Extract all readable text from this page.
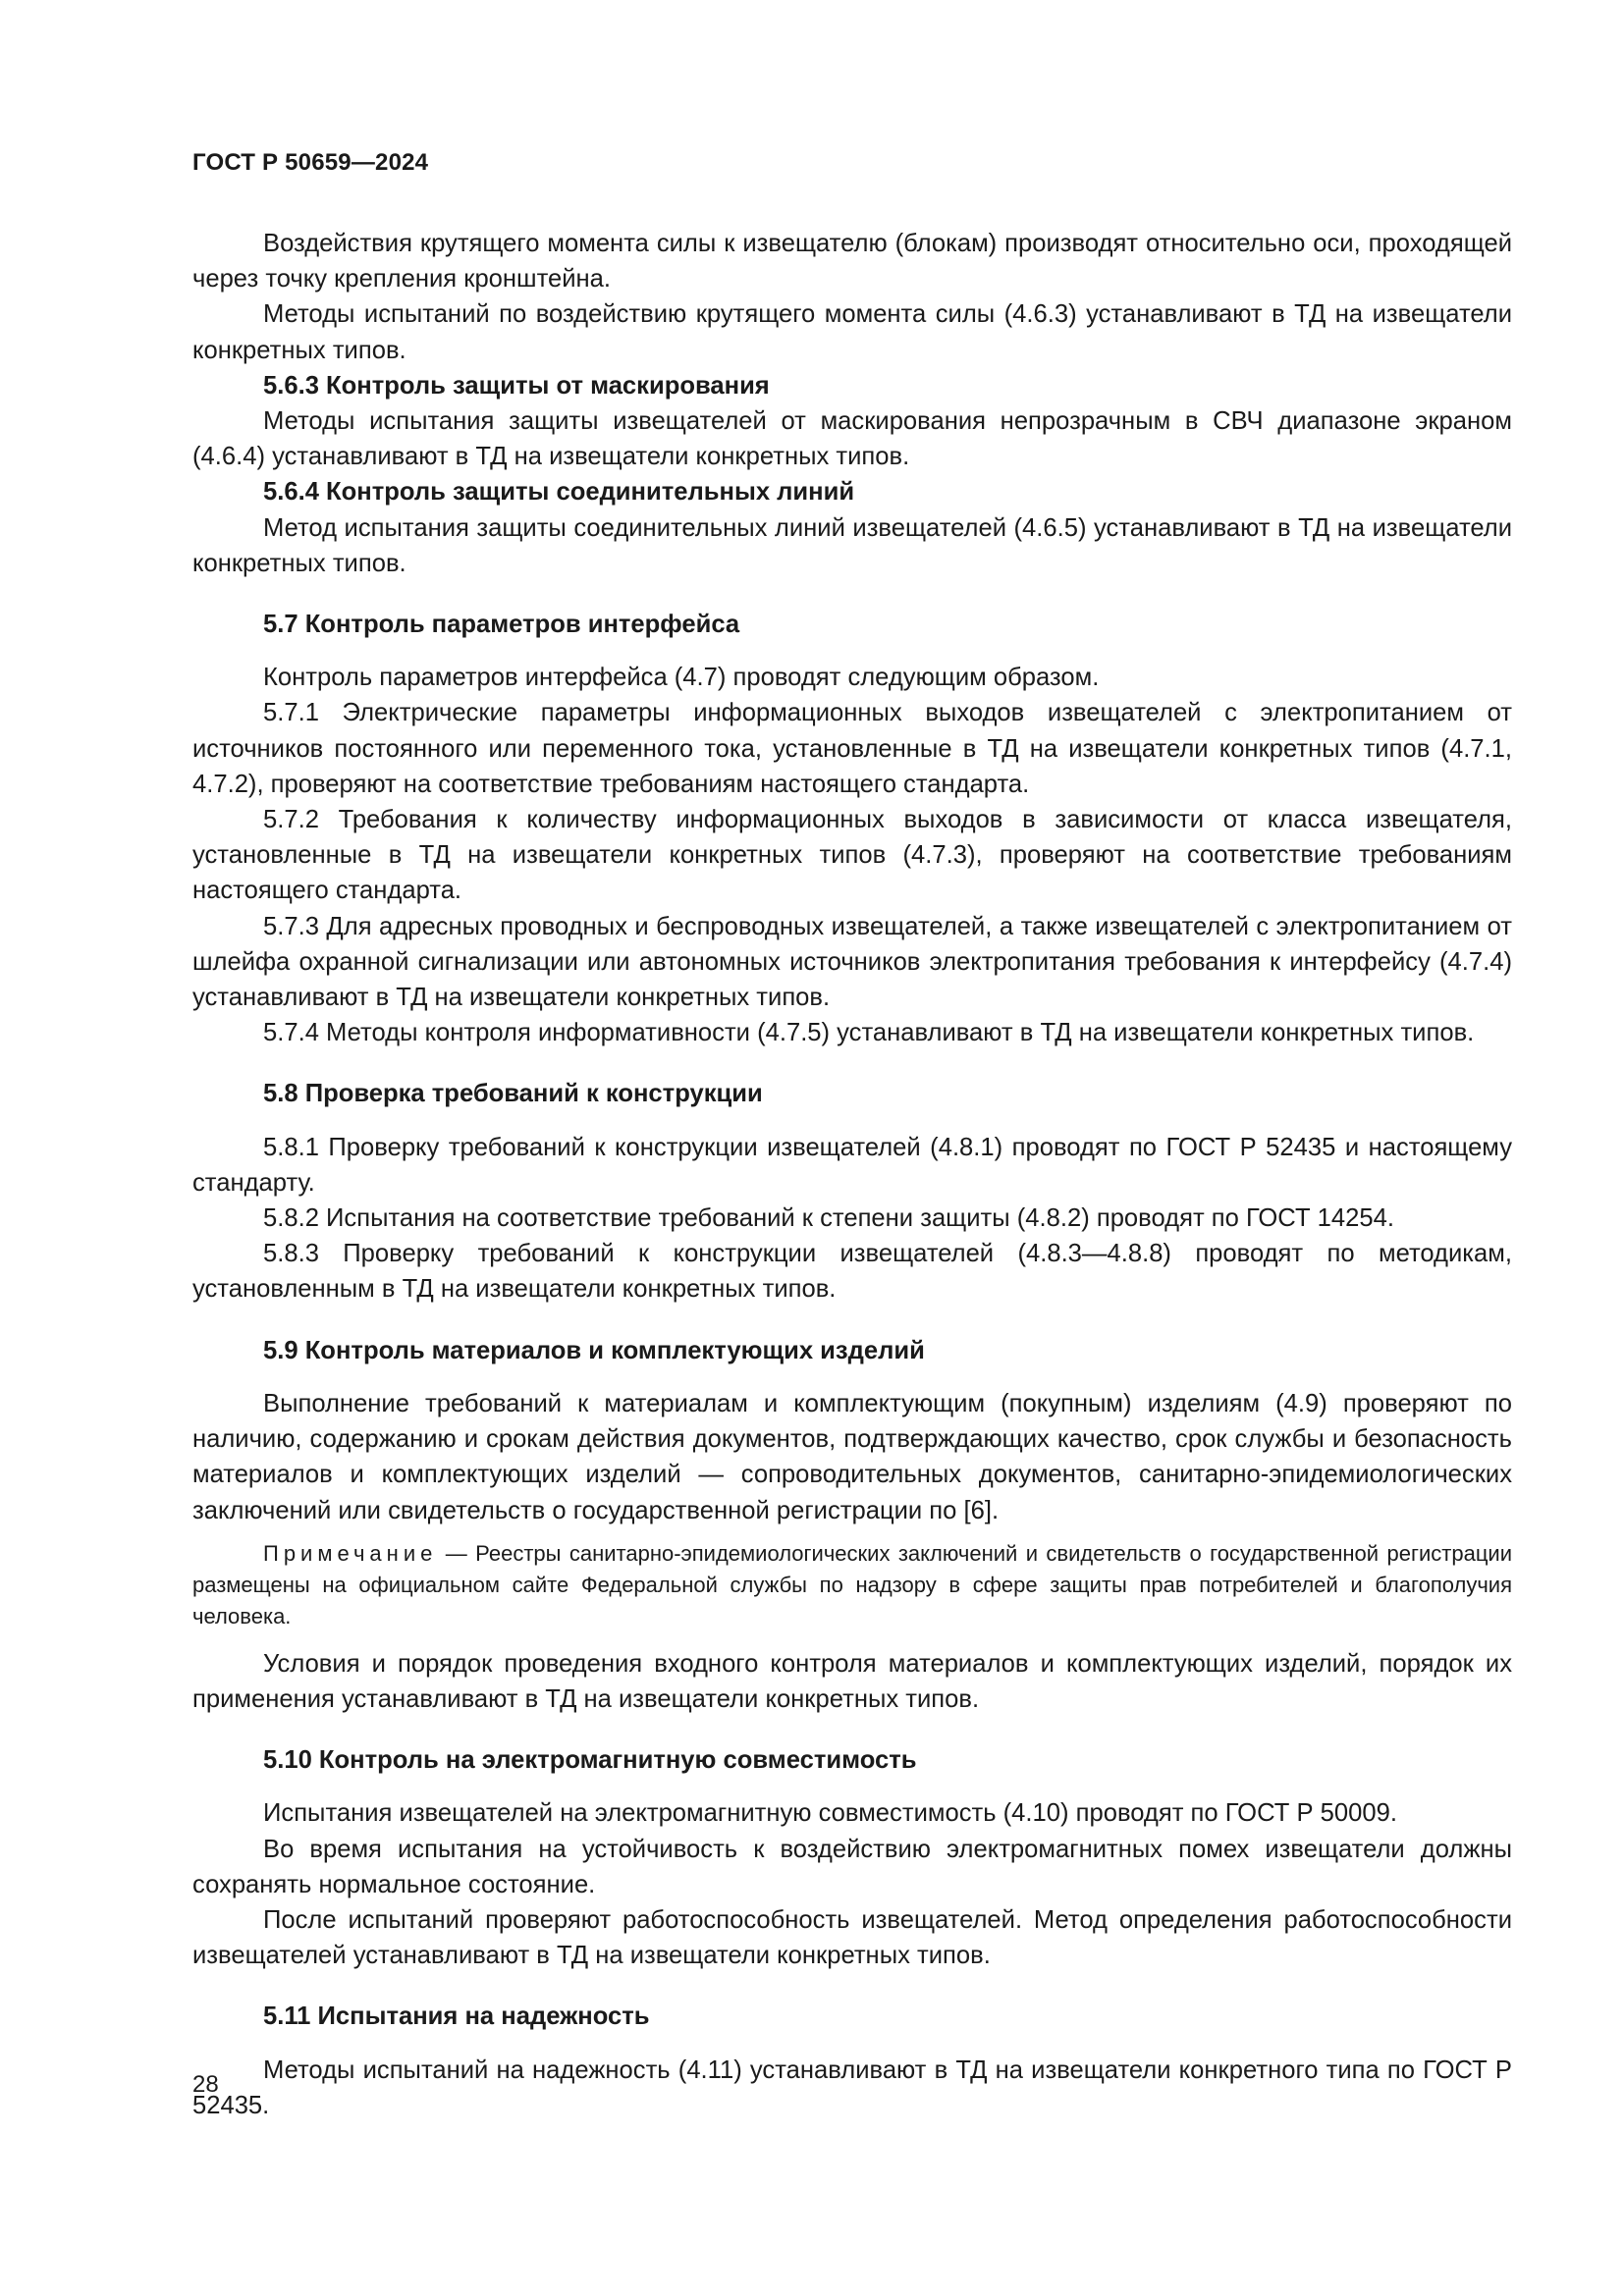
ГОСТ Р 50659—2024

Воздействия крутящего момента силы к извещателю (блокам) производят относительно оси, проходящей через точку крепления кронштейна.

Методы испытаний по воздействию крутящего момента силы (4.6.3) устанавливают в ТД на извещатели конкретных типов.

5.6.3 Контроль защиты от маскирования

Методы испытания защиты извещателей от маскирования непрозрачным в СВЧ диапазоне экраном (4.6.4) устанавливают в ТД на извещатели конкретных типов.

5.6.4 Контроль защиты соединительных линий

Метод испытания защиты соединительных линий извещателей (4.6.5) устанавливают в ТД на извещатели конкретных типов.

5.7 Контроль параметров интерфейса

Контроль параметров интерфейса (4.7) проводят следующим образом.

5.7.1 Электрические параметры информационных выходов извещателей с электропитанием от источников постоянного или переменного тока, установленные в ТД на извещатели конкретных типов (4.7.1, 4.7.2), проверяют на соответствие требованиям настоящего стандарта.

5.7.2 Требования к количеству информационных выходов в зависимости от класса извещателя, установленные в ТД на извещатели конкретных типов (4.7.3), проверяют на соответствие требованиям настоящего стандарта.

5.7.3 Для адресных проводных и беспроводных извещателей, а также извещателей с электропитанием от шлейфа охранной сигнализации или автономных источников электропитания требования к интерфейсу (4.7.4) устанавливают в ТД на извещатели конкретных типов.

5.7.4 Методы контроля информативности (4.7.5) устанавливают в ТД на извещатели конкретных типов.

5.8 Проверка требований к конструкции

5.8.1 Проверку требований к конструкции извещателей (4.8.1) проводят по ГОСТ Р 52435 и настоящему стандарту.

5.8.2 Испытания на соответствие требований к степени защиты (4.8.2) проводят по ГОСТ 14254.

5.8.3 Проверку требований к конструкции извещателей (4.8.3—4.8.8) проводят по методикам, установленным в ТД на извещатели конкретных типов.

5.9 Контроль материалов и комплектующих изделий

Выполнение требований к материалам и комплектующим (покупным) изделиям (4.9) проверяют по наличию, содержанию и срокам действия документов, подтверждающих качество, срок службы и безопасность материалов и комплектующих изделий — сопроводительных документов, санитарно-эпидемиологических заключений или свидетельств о государственной регистрации по [6].

Примечание — Реестры санитарно-эпидемиологических заключений и свидетельств о государственной регистрации размещены на официальном сайте Федеральной службы по надзору в сфере защиты прав потребителей и благополучия человека.

Условия и порядок проведения входного контроля материалов и комплектующих изделий, порядок их применения устанавливают в ТД на извещатели конкретных типов.

5.10 Контроль на электромагнитную совместимость

Испытания извещателей на электромагнитную совместимость (4.10) проводят по ГОСТ Р 50009.

Во время испытания на устойчивость к воздействию электромагнитных помех извещатели должны сохранять нормальное состояние.

После испытаний проверяют работоспособность извещателей. Метод определения работоспособности извещателей устанавливают в ТД на извещатели конкретных типов.

5.11 Испытания на надежность

Методы испытаний на надежность (4.11) устанавливают в ТД на извещатели конкретного типа по ГОСТ Р 52435.

28
